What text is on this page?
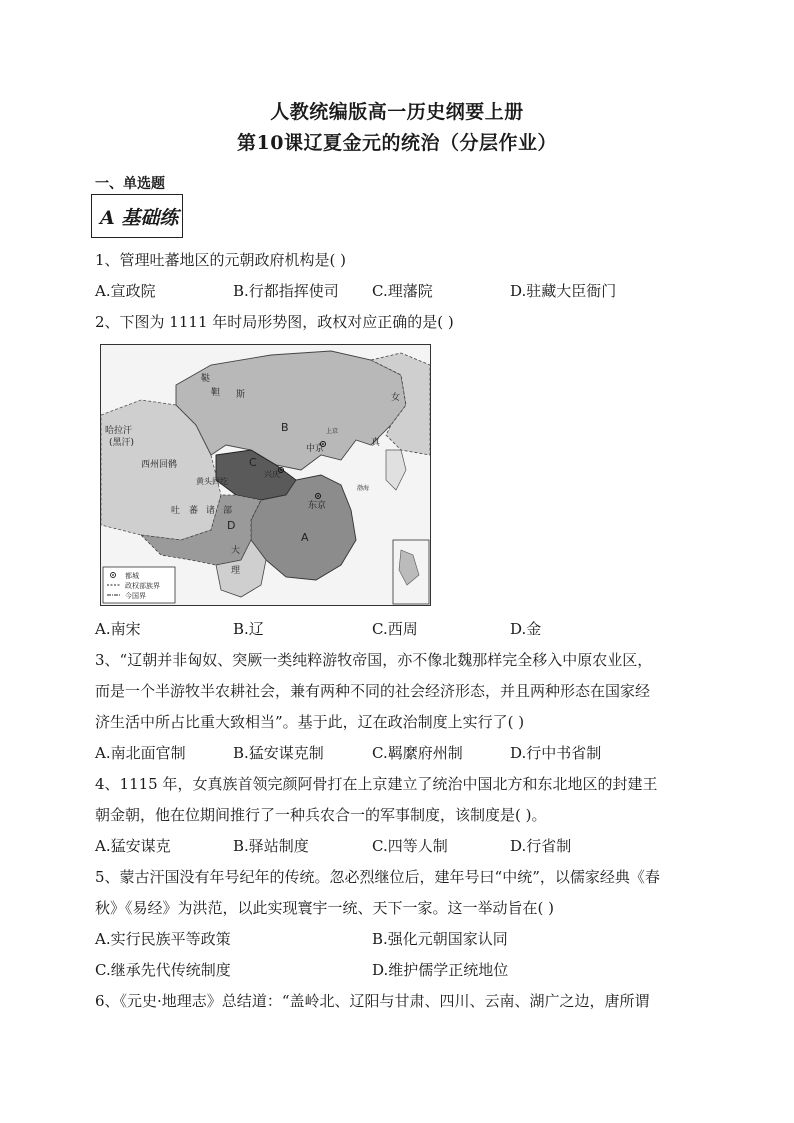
人教统编版高一历史纲要上册
第10课辽夏金元的统治（分层作业）
一、单选题
A 基础练
1、管理吐蕃地区的元朝政府机构是( )
A.宣政院	B.行都指挥使司 C.理藩院	D.驻藏大臣衙门
2、下图为 1111 年时局形势图，政权对应正确的是( )
鞑
靼 斯	女
真
哈拉汗
(黑汗)
西州回鹘
黄头回纥
吐 蕃 诸 部
大
理
中京
上京
兴庆
东京
渤海
A
B
C
D
都城
政权部族界
今国界
A.南宋	B.辽	C.西周	D.金
3、“辽朝并非匈奴、突厥一类纯粹游牧帝国，亦不像北魏那样完全移入中原农业区，
而是一个半游牧半农耕社会，兼有两种不同的社会经济形态，并且两种形态在国家经
济生活中所占比重大致相当”。基于此，辽在政治制度上实行了( )
A.南北面官制	B.猛安谋克制	C.羁縻府州制	D.行中书省制
4、1115 年，女真族首领完颜阿骨打在上京建立了统治中国北方和东北地区的封建王
朝金朝，他在位期间推行了一种兵农合一的军事制度，该制度是( )。
A.猛安谋克	B.驿站制度	C.四等人制	D.行省制
5、蒙古汗国没有年号纪年的传统。忽必烈继位后，建年号曰“中统”，以儒家经典《春
秋》《易经》为洪范，以此实现寰宇一统、天下一家。这一举动旨在( )
A.实行民族平等政策	B.强化元朝国家认同
C.继承先代传统制度	D.维护儒学正统地位
6、《元史·地理志》总结道：“盖岭北、辽阳与甘肃、四川、云南、湖广之边，唐所谓
